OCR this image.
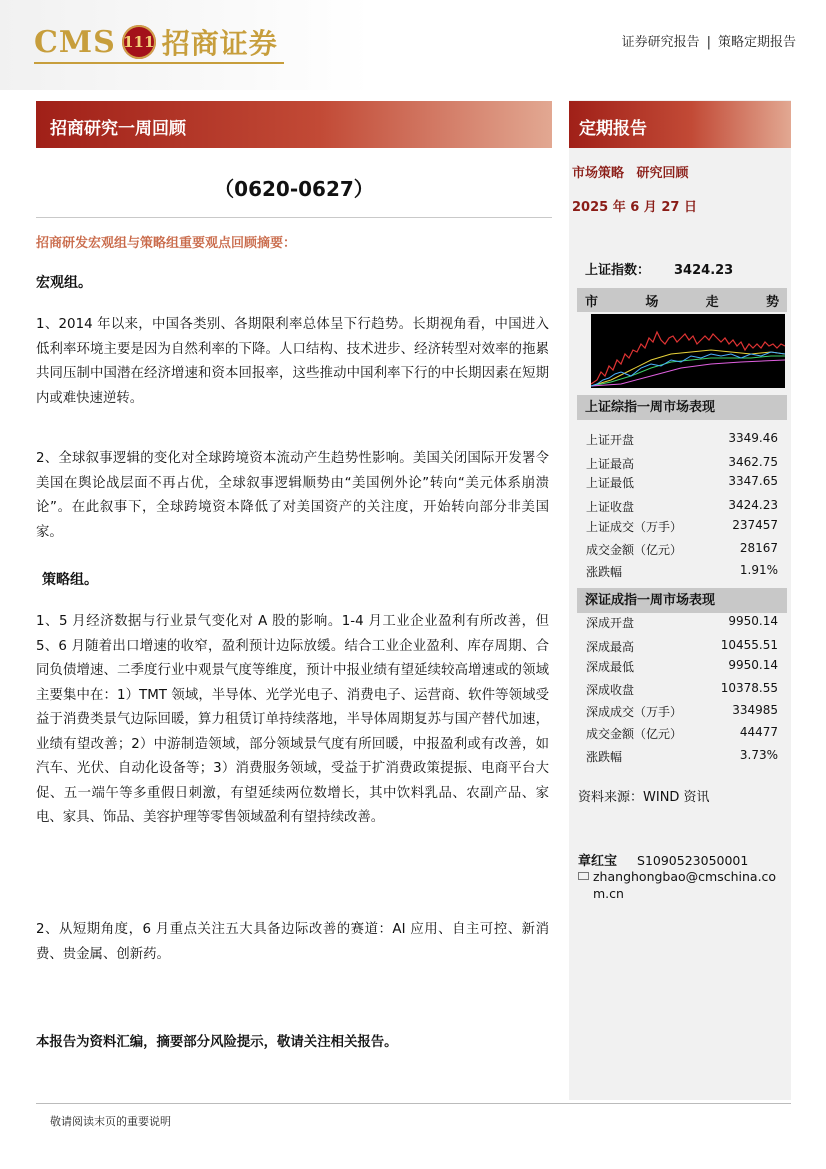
CMS 111 招商证券	证券研究报告 | 策略定期报告
招商研究一周回顾	定期报告
（0620-0627）
招商研发宏观组与策略组重要观点回顾摘要：
宏观组。
1、2014 年以来，中国各类别、各期限利率总体呈下行趋势。长期视角看，中国进入低利率环境主要是因为自然利率的下降。人口结构、技术进步、经济转型对效率的拖累共同压制中国潜在经济增速和资本回报率，这些推动中国利率下行的中长期因素在短期内或难快速逆转。
2、全球叙事逻辑的变化对全球跨境资本流动产生趋势性影响。美国关闭国际开发署令美国在舆论战层面不再占优，全球叙事逻辑顺势由“美国例外论”转向“美元体系崩溃论”。在此叙事下，全球跨境资本降低了对美国资产的关注度，开始转向部分非美国家。
策略组。
1、5 月经济数据与行业景气变化对 A 股的影响。1-4 月工业企业盈利有所改善，但 5、6 月随着出口增速的收窄，盈利预计边际放缓。结合工业企业盈利、库存周期、合同负债增速、二季度行业中观景气度等维度，预计中报业绩有望延续较高增速或的领域主要集中在：1）TMT 领域，半导体、光学光电子、消费电子、运营商、软件等领域受益于消费类景气边际回暖，算力租赁订单持续落地，半导体周期复苏与国产替代加速，业绩有望改善；2）中游制造领域，部分领域景气度有所回暖，中报盈利或有改善，如汽车、光伏、自动化设备等；3）消费服务领域，受益于扩消费政策提振、电商平台大促、五一端午等多重假日刺激，有望延续两位数增长，其中饮料乳品、农副产品、家电、家具、饰品、美容护理等零售领域盈利有望持续改善。
2、从短期角度，6 月重点关注五大具备边际改善的赛道：AI 应用、自主可控、新消费、贵金属、创新药。
本报告为资料汇编，摘要部分风险提示，敬请关注相关报告。
市场策略 研究回顾
2025 年 6 月 27 日
上证指数： 3424.23
市	场	走	势
上证综指一周市场表现
上证开盘	3349.46
上证最高	3462.75
上证最低	3347.65
上证收盘	3424.23
上证成交（万手）	237457
成交金额（亿元）	28167
涨跌幅	1.91%
深证成指一周市场表现
深成开盘	9950.14
深成最高	10455.51
深成最低	9950.14
深成收盘	10378.55
深成成交（万手）	334985
成交金额（亿元）	44477
涨跌幅	3.73%
资料来源：WIND 资讯
章红宝 S1090523050001
zhanghongbao@cmschina.com.cn
敬请阅读末页的重要说明
